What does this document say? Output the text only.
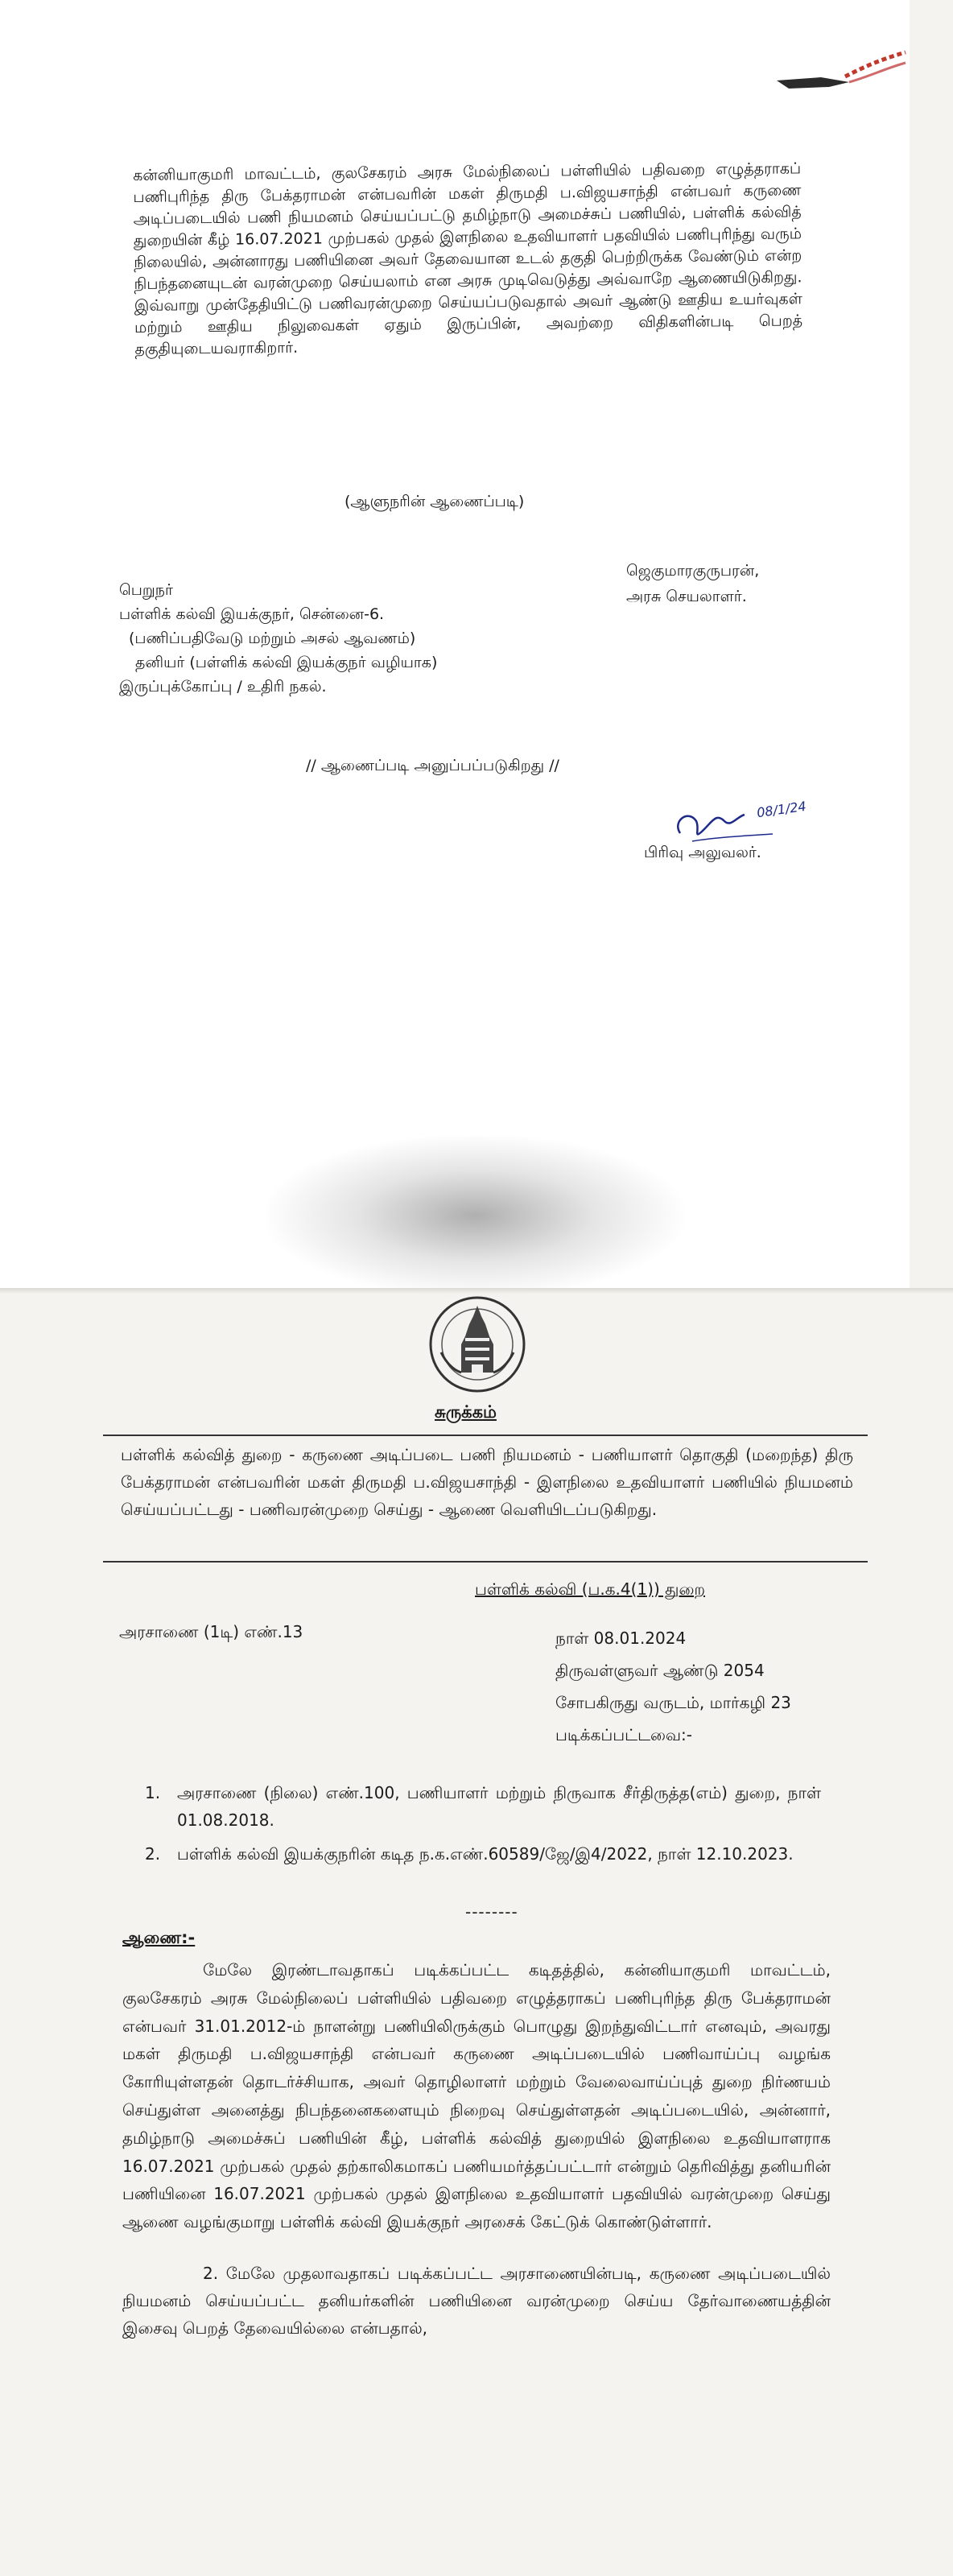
கன்னியாகுமரி மாவட்டம், குலசேகரம் அரசு மேல்நிலைப் பள்ளியில் பதிவறை எழுத்தராகப் பணிபுரிந்த திரு பேக்தராமன் என்பவரின் மகள் திருமதி ப.விஜயசாந்தி என்பவர் கருணை அடிப்படையில் பணி நியமனம் செய்யப்பட்டு தமிழ்நாடு அமைச்சுப் பணியில், பள்ளிக் கல்வித் துறையின் கீழ் 16.07.2021 முற்பகல் முதல் இளநிலை உதவியாளர் பதவியில் பணிபுரிந்து வரும் நிலையில், அன்னாரது பணியினை அவர் தேவையான உடல் தகுதி பெற்றிருக்க வேண்டும் என்ற நிபந்தனையுடன் வரன்முறை செய்யலாம் என அரசு முடிவெடுத்து அவ்வாறே ஆணையிடுகிறது. இவ்வாறு முன்தேதியிட்டு பணிவரன்முறை செய்யப்படுவதால் அவர் ஆண்டு ஊதிய உயர்வுகள் மற்றும் ஊதிய நிலுவைகள் ஏதும் இருப்பின், அவற்றை விதிகளின்படி பெறத் தகுதியுடையவராகிறார்.
(ஆளுநரின் ஆணைப்படி)
ஜெகுமாரகுருபரன்,
அரசு செயலாளர்.
பெறுநர்
பள்ளிக் கல்வி இயக்குநர், சென்னை-6.
(பணிப்பதிவேடு மற்றும் அசல் ஆவணம்)
தனியர் (பள்ளிக் கல்வி இயக்குநர் வழியாக)
இருப்புக்கோப்பு / உதிரி நகல்.
// ஆணைப்படி அனுப்பப்படுகிறது //
08/1/24
பிரிவு அலுவலர்.
சுருக்கம்
பள்ளிக் கல்வித் துறை - கருணை அடிப்படை பணி நியமனம் - பணியாளர் தொகுதி (மறைந்த) திரு பேக்தராமன் என்பவரின் மகள் திருமதி ப.விஜயசாந்தி - இளநிலை உதவியாளர் பணியில் நியமனம் செய்யப்பட்டது - பணிவரன்முறை செய்து - ஆணை வெளியிடப்படுகிறது.
பள்ளிக் கல்வி (ப.க.4(1)) துறை
அரசாணை (1டி) எண்.13	நாள் 08.01.2024
திருவள்ளுவர் ஆண்டு 2054
சோபகிருது வருடம், மார்கழி 23
படிக்கப்பட்டவை:-
1. அரசாணை (நிலை) எண்.100, பணியாளர் மற்றும் நிருவாக சீர்திருத்த(எம்) துறை, நாள் 01.08.2018.
2. பள்ளிக் கல்வி இயக்குநரின் கடித ந.க.எண்.60589/ஜே/இ4/2022, நாள் 12.10.2023.
--------
ஆணை:-
மேலே இரண்டாவதாகப் படிக்கப்பட்ட கடிதத்தில், கன்னியாகுமரி மாவட்டம், குலசேகரம் அரசு மேல்நிலைப் பள்ளியில் பதிவறை எழுத்தராகப் பணிபுரிந்த திரு பேக்தராமன் என்பவர் 31.01.2012-ம் நாளன்று பணியிலிருக்கும் பொழுது இறந்துவிட்டார் எனவும், அவரது மகள் திருமதி ப.விஜயசாந்தி என்பவர் கருணை அடிப்படையில் பணிவாய்ப்பு வழங்க கோரியுள்ளதன் தொடர்ச்சியாக, அவர் தொழிலாளர் மற்றும் வேலைவாய்ப்புத் துறை நிர்ணயம் செய்துள்ள அனைத்து நிபந்தனைகளையும் நிறைவு செய்துள்ளதன் அடிப்படையில், அன்னார், தமிழ்நாடு அமைச்சுப் பணியின் கீழ், பள்ளிக் கல்வித் துறையில் இளநிலை உதவியாளராக 16.07.2021 முற்பகல் முதல் தற்காலிகமாகப் பணியமர்த்தப்பட்டார் என்றும் தெரிவித்து தனியரின் பணியினை 16.07.2021 முற்பகல் முதல் இளநிலை உதவியாளர் பதவியில் வரன்முறை செய்து ஆணை வழங்குமாறு பள்ளிக் கல்வி இயக்குநர் அரசைக் கேட்டுக் கொண்டுள்ளார்.
2. மேலே முதலாவதாகப் படிக்கப்பட்ட அரசாணையின்படி, கருணை அடிப்படையில் நியமனம் செய்யப்பட்ட தனியர்களின் பணியினை வரன்முறை செய்ய தேர்வாணையத்தின் இசைவு பெறத் தேவையில்லை என்பதால்,
